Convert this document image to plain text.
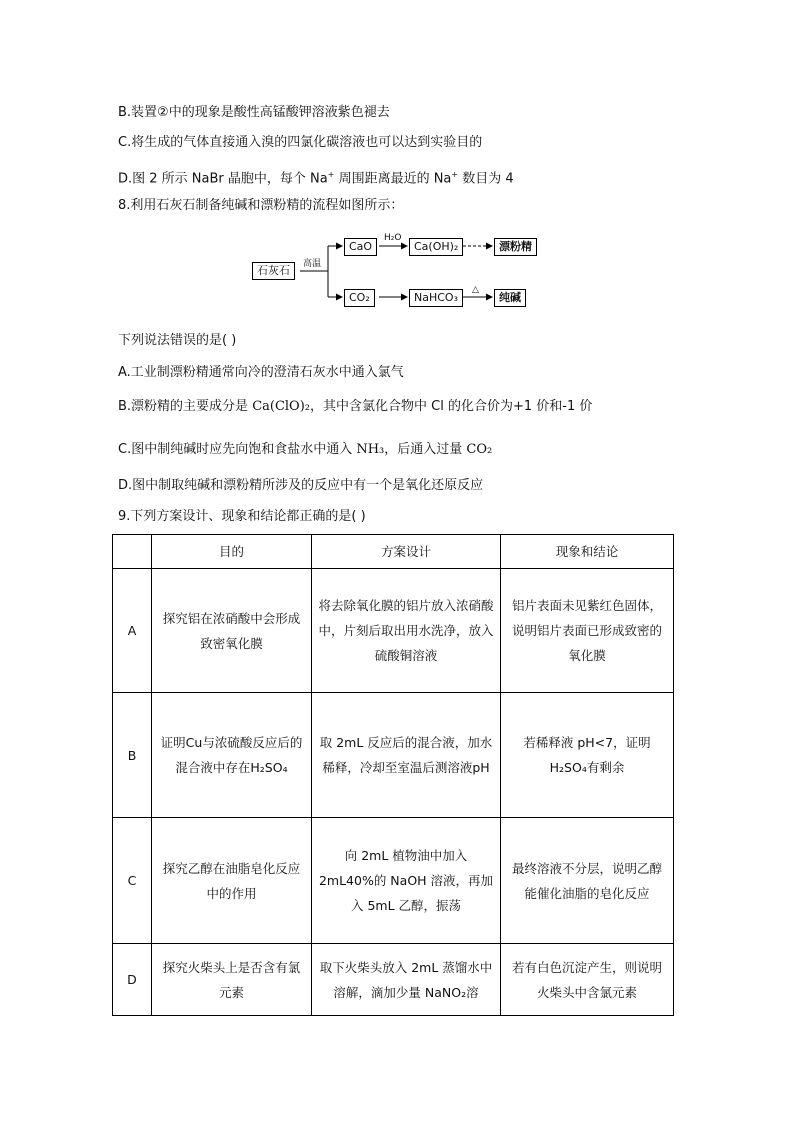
B.装置②中的现象是酸性高锰酸钾溶液紫色褪去
C.将生成的气体直接通入溴的四氯化碳溶液也可以达到实验目的
D.图 2 所示 NaBr 晶胞中，每个 Na+ 周围距离最近的 Na+ 数目为 4
8.利用石灰石制备纯碱和漂粉精的流程如图所示：
石灰石	高温
CaO
H₂O
Ca(OH)₂	漂粉精
CO₂	NaHCO₃
△
纯碱
下列说法错误的是( )
A.工业制漂粉精通常向冷的澄清石灰水中通入氯气
B.漂粉精的主要成分是 Ca(ClO)₂，其中含氯化合物中 Cl 的化合价为+1 价和-1 价
C.图中制纯碱时应先向饱和食盐水中通入 NH₃，后通入过量 CO₂
D.图中制取纯碱和漂粉精所涉及的反应中有一个是氧化还原反应
9.下列方案设计、现象和结论都正确的是( )
	目的	方案设计	现象和结论
A	探究铝在浓硝酸中会形成致密氧化膜	将去除氧化膜的铝片放入浓硝酸中，片刻后取出用水洗净，放入硫酸铜溶液	铝片表面未见紫红色固体，说明铝片表面已形成致密的氧化膜
B	证明Cu与浓硫酸反应后的混合液中存在H₂SO₄	取 2mL 反应后的混合液，加水稀释，冷却至室温后测溶液pH	若稀释液 pH<7，证明H₂SO₄有剩余
C	探究乙醇在油脂皂化反应中的作用	向 2mL 植物油中加入2mL40%的 NaOH 溶液，再加入 5mL 乙醇，振荡	最终溶液不分层，说明乙醇能催化油脂的皂化反应
D	探究火柴头上是否含有氯元素	取下火柴头放入 2mL 蒸馏水中溶解，滴加少量 NaNO₂溶	若有白色沉淀产生，则说明火柴头中含氯元素
